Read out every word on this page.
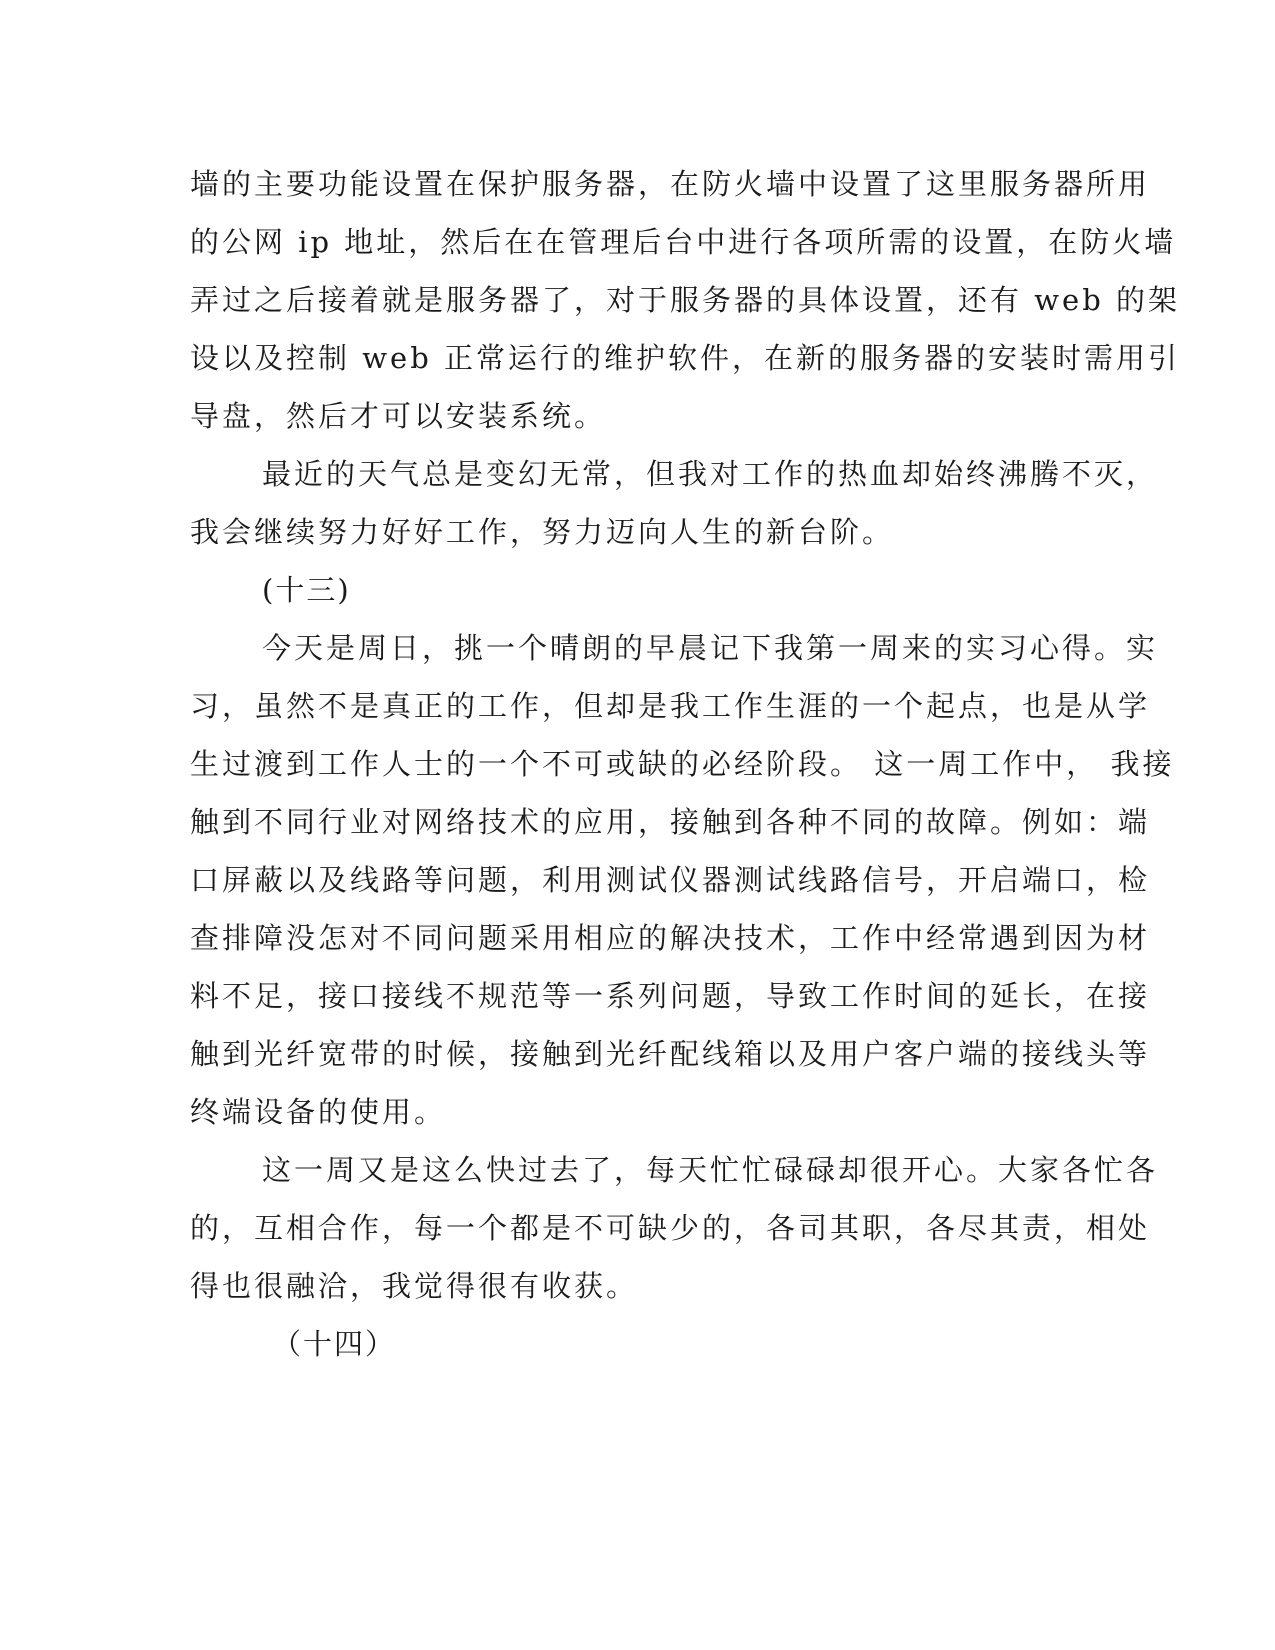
墙的主要功能设置在保护服务器，在防火墙中设置了这里服务器所用
的公网 ip 地址，然后在在管理后台中进行各项所需的设置，在防火墙
弄过之后接着就是服务器了，对于服务器的具体设置，还有 web 的架
设以及控制 web 正常运行的维护软件，在新的服务器的安装时需用引
导盘，然后才可以安装系统。
最近的天气总是变幻无常，但我对工作的热血却始终沸腾不灭，
我会继续努力好好工作，努力迈向人生的新台阶。
(十三)
今天是周日，挑一个晴朗的早晨记下我第一周来的实习心得。实
习，虽然不是真正的工作，但却是我工作生涯的一个起点，也是从学
生过渡到工作人士的一个不可或缺的必经阶段。 这一周工作中， 我接
触到不同行业对网络技术的应用，接触到各种不同的故障。例如：端
口屏蔽以及线路等问题，利用测试仪器测试线路信号，开启端口，检
查排障没怎对不同问题采用相应的解决技术，工作中经常遇到因为材
料不足，接口接线不规范等一系列问题，导致工作时间的延长，在接
触到光纤宽带的时候，接触到光纤配线箱以及用户客户端的接线头等
终端设备的使用。
这一周又是这么快过去了，每天忙忙碌碌却很开心。大家各忙各
的，互相合作，每一个都是不可缺少的，各司其职，各尽其责，相处
得也很融洽，我觉得很有收获。
（十四）
